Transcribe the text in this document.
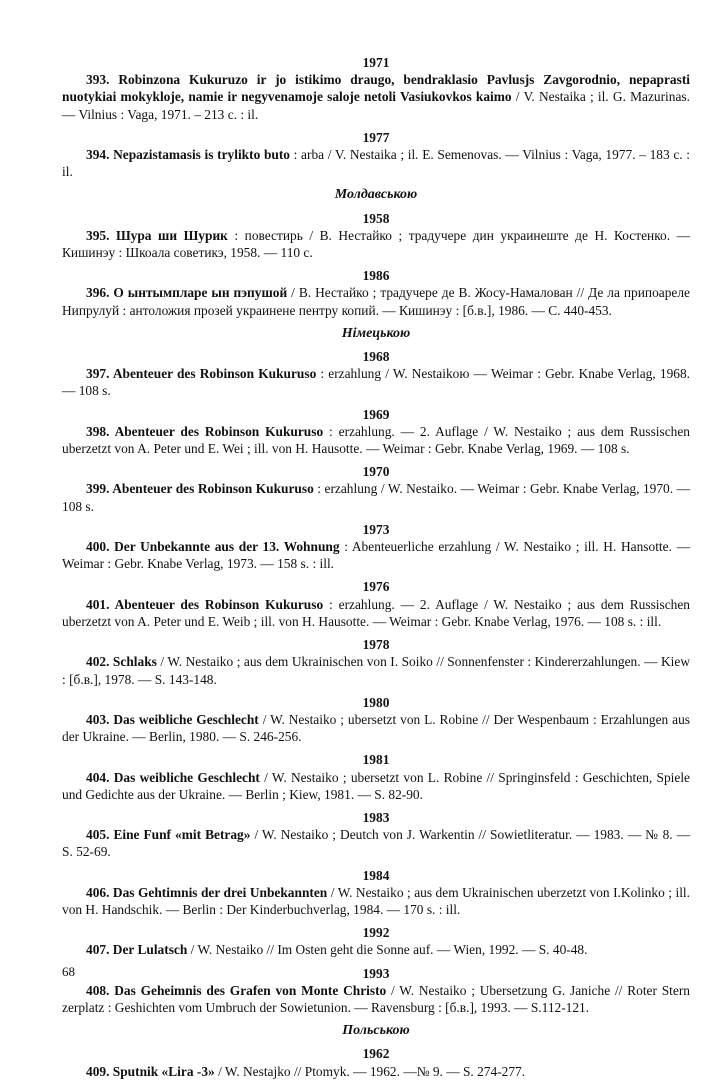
1971
393. Robinzona Kukuruzo ir jo istikimo draugo, bendraklasio Pavlusjs Zavgorodnio, nepaprasti nuotykiai mokykloje, namie ir negyvenamoje saloje netoli Vasiukovkos kaimo / V. Nestaika ; il. G. Mazurinas. — Vilnius : Vaga, 1971. – 213 c. : il.
1977
394. Nepazistamasis is trylikto buto : arba / V. Nestaika ; il. E. Semenovas. — Vilnius : Vaga, 1977. – 183 c. : il.
Молдавською
1958
395. Шура ши Шурик : повестирь / В. Нестайко ; традучере дин украинеште де Н. Костенко. — Кишинэу : Шкоала советикэ, 1958. — 110 с.
1986
396. О ынтымпларе ын пэпушой / В. Нестайко ; традучере де В. Жосу-Намалован // Де ла припоареле Нипрулуй : антоложия прозей украинене пентру копий. — Кишинэу : [б.в.], 1986. — С. 440-453.
Німецькою
1968
397. Abenteuer des Robinson Kukuruso : erzahlung / W. Nestaikoю — Weimar : Gebr. Knabe Verlag, 1968. — 108 s.
1969
398. Abenteuer des Robinson Kukuruso : erzahlung. — 2. Auflage / W. Nestaiko ; aus dem Russischen uberzetzt von A. Peter und E. Wei ; ill. von H. Hausotte. — Weimar : Gebr. Knabe Verlag, 1969. — 108 s.
1970
399. Abenteuer des Robinson Kukuruso : erzahlung / W. Nestaiko. — Weimar : Gebr. Knabe Verlag, 1970. — 108 s.
1973
400. Der Unbekannte aus der 13. Wohnung : Abenteuerliche erzahlung / W. Nestaiko ; ill. H. Hansotte. — Weimar : Gebr. Knabe Verlag, 1973. — 158 s. : ill.
1976
401. Abenteuer des Robinson Kukuruso : erzahlung. — 2. Auflage / W. Nestaiko ; aus dem Russischen uberzetzt von A. Peter und E. Weib ; ill. von H. Hausotte. — Weimar : Gebr. Knabe Verlag, 1976. — 108 s. : ill.
1978
402. Schlaks / W. Nestaiko ; aus dem Ukrainischen von I. Soiko // Sonnenfenster : Kindererzahlungen. — Kiew : [б.в.], 1978. — S. 143-148.
1980
403. Das weibliche Geschlecht / W. Nestaiko ; ubersetzt von L. Robine // Der Wespenbaum : Erzahlungen aus der Ukraine. — Berlin, 1980. — S. 246-256.
1981
404. Das weibliche Geschlecht / W. Nestaiko ; ubersetzt von L. Robine // Springinsfeld : Geschichten, Spiele und Gedichte aus der Ukraine. — Berlin ; Kiew, 1981. — S. 82-90.
1983
405. Eine Funf «mit Betrag» / W. Nestaiko ; Deutch von J. Warkentin // Sowietliteratur. — 1983. — № 8. — S. 52-69.
1984
406. Das Gehtimnis der drei Unbekannten / W. Nestaiko ; aus dem Ukrainischen uberzetzt von I.Kolinko ; ill. von H. Handschik. — Berlin : Der Kinderbuchverlag, 1984. — 170 s. : ill.
1992
407. Der Lulatsch / W. Nestaiko // Im Osten geht die Sonne auf. — Wien, 1992. — S. 40-48.
1993
408. Das Geheimnis des Grafen von Monte Christo / W. Nestaiko ; Ubersetzung G. Janiche // Roter Stern zerplatz : Geshichten vom Umbruch der Sowietunion. — Ravensburg : [б.в.], 1993. — S.112-121.
Польською
1962
409. Sputnik «Lira -3» / W. Nestajko // Ptomyk. — 1962. —№ 9. — S. 274-277.
68
